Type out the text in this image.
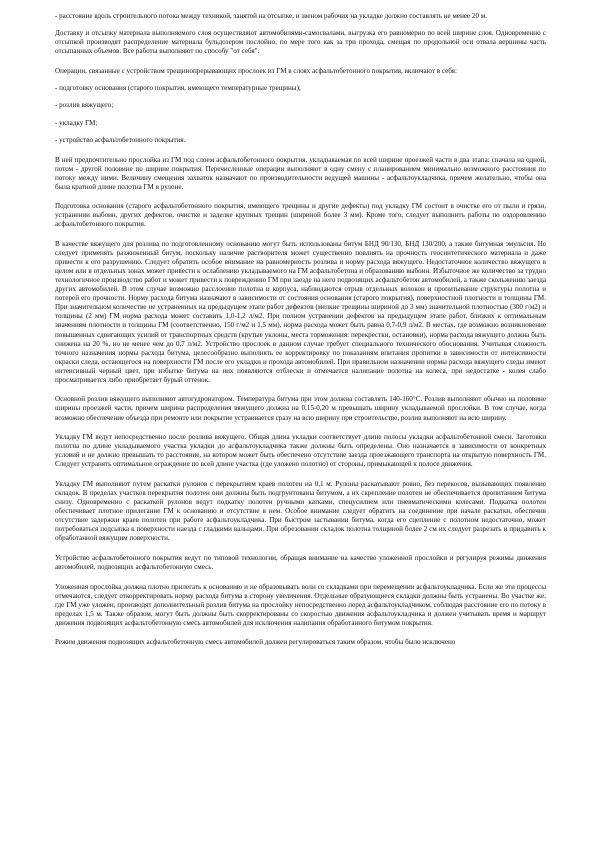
- расстояние вдоль строительного потока между техникой, занятой на отсыпке, и звеном рабочих на укладке должно составлять не менее 20 м.

Доставку и отсыпку материала выполняемого слоя осуществляют автомобилями-самосвалами, выгрузка его равномерно по всей ширине слоя. Одновременно с отсыпкой производят распределение материала бульдозером послойно, по мере того как за три прохода, смещая по продольной оси отвала вершины часть отсыпанных объемов. Все работы выполняют по способу "от себя".

Операции, связанные с устройством трещинопрерывающих прослоек из ГМ в слоях асфальтобетонного покрытия, включают в себя:

- подготовку основания (старого покрытия, имеющего температурные трещины);

- розлив вяжущего;

- укладку ГМ;

- устройство асфальтобетонного покрытия.

В ней предпочтительно прослойка из ГМ под слоем асфальтобетонного покрытия, укладываемая по всей ширине проезжей части в два этапа: сначала на одной, потом - другой половине по ширине покрытия. Перечисленные операции выполняют в одну смену с планированием минимально возможного расстояния по потоку между ними. Величину смещения захваток назначают по производительности ведущей машины - асфальтоукладчика, причем желательно, чтобы она была кратной длине полотна ГМ в рулоне.

Подготовка основания (старого асфальтобетонного покрытия, имеющего трещины и другие дефекты) под укладку ГМ состоит в очистке его от пыли и грязи, устранении выбоин, других дефектов, очистке и заделке крупных трещин (шириной более 3 мм). Кроме того, следует выполнить работы по оздоровлению асфальтобетонного покрытия.

В качестве вяжущего для розлива по подготовленному основанию могут быть использованы битум БНД 90/130, БНД 130/200, а также битумная эмульсия. Не следует применять разжиженный битум, поскольку наличие растворителя может существенно повлиять на прочность геосинтетического материала и даже привести к его разрушению. Следует обратить особое внимание на равномерность розлива и норму расхода вяжущего. Недостаточное количество вяжущего в целом или в отдельных зонах может привести к ослаблению укладываемого на ГМ асфальтобетона и образованию выбоин. Избыточное же количество за трудно технологичное производство работ и может привести к повреждению ГМ при заезде на него подвозящих асфальтобетон автомобилей, а также скольжению заезда других автомобилей. В этом случае возможно расслоение полотна и корпуса, наблюдаются отрыв отдельных волокон и пропитывание структуры полотна и потерей его прочности. Норму расхода битума назначают в зависимости от состояния основания (старого покрытия), поверхностной плотности и толщины ГМ. При значительном количестве не устраненных на предыдущем этапе работ дефектов (мелкие трещины шириной до 3 мм) значительной плотностью (300 г/м2) и толщины (2 мм) ГМ норма расхода может составить 1,0-1,2 л/м2. При полном устранении дефектов на предыдущем этапе работ, близких к оптимальным значениям плотности и толщины ГМ (соответственно, 150 г/м2 и 1,5 мм), норма расхода может быть равна 0,7-0,9 л/м2. В местах, где возможно возникновение повышенных сдвигающих усилий от транспортных средств (крутые уклоны, места торможения: перекрестки, остановки), норма расхода вяжущего должна быть снижена на 20 %, но не менее чем до 0,7 л/м2. Устройство прослоек в данном случае требует специального технического обоснования. Учитывая сложность точного назначения нормы расхода битума, целесообразно выполнять ее корректировку по показаниям впитания пропитки в зависимости от интенсивности окраски следа, остающегося на поверхности ГМ после его укладки и прохода автомобилей. При правильном назначении нормы расхода вяжущего следы имеют интенсивный черный цвет, при избытке битума на них появляются отблески и отмечается налипание полотна на колеса, при недостатке - колея слабо просматривается либо приобретает бурый оттенок.

Основной розлив вяжущего выполняют автогудронатором. Температура битума при этом должна составлять 140-160°С. Розлив выполняют обычно на половине ширины проезжей части, причем ширина распределения вяжущего должна на 0,15-0,20 м превышать ширину укладываемой прослойки. В том случае, когда возможно обеспечение объезда при ремонте или покрытие устраивается сразу на всю ширину при строительстве, розлив выполняют на всю ширину.

Укладку ГМ ведут непосредственно после розлива вяжущего. Общая длина укладки соответствует длине полосы укладки асфальтобетонной смеси. Заготовки полотна по длине укладываемого участка укладки до асфальтоукладчика также должны быть определены. Оно назначается в зависимости от конкретных условий и не должно превышать то расстояние, на котором может быть обеспечено отсутствие заезда проезжающего транспорта на открытую поверхность ГМ. Следует устранять оптимальное ограждение по всей длине участка (где уложено полотно) от стороны, примыкающей к полосе движения.

Укладку ГМ выполняют путем раскатки рулонов с перекрытием краев полотен на 0,1 м. Рулоны раскатывают ровно, без перекосов, вызывающих появление складок. В пределах участков перекрытия полотен они должны быть подгрунтованы битумом, а их скрепление полотен не обеспечивается пропитанием битума снизу. Одновременно с раскаткой рулонов ведут подкатку полотен ручными катками, спецусилием или пневматическими колесами. Подкатка полотен обеспечивает плотное прилегание ГМ к основанию и отсутствие в нем. Особое внимание следует обратить на соединение при начале раскатки, обеспечив отсутствие задержки краев полотен при работе асфальтоукладчика. При быстром застывании битума, когда его сцепление с полотном недостаточно, может потребоваться подсыпка к поверхности наезда с гладкими вальцами. При обрезовании складок полотна толщиной более 2 см их следует разрезать и придавить к обработанной вяжущим поверхности.

Устройство асфальтобетонного покрытия ведут по типовой технологии, обращая внимание на качество уложенной прослойки и регулируя режимы движения автомобилей, подвозящих асфальтобетонную смесь.

Уложенная прослойка должна плотно прилегать к основанию и не образовывать волн со складками при перемещении асфальтоукладчика. Если же эти процессы отмечаются, следует откорректировать норму расхода битума в сторону увеличения. Отдельные образующиеся складки должны быть устранены. Во участке же, где ГМ уже уложен, производят дополнительный розлив битума на прослойку непосредственно перед асфальтоукладчиком, соблюдая расстояние его по потоку в пределах 1,5 м. Также образом, могут быть должны быть скорректированы со скоростью движения асфальтоукладчика и должен учитывать время и маршрут движения подвозящих асфальтобетонную смесь автомобилей для исключения налипания обработанного битумом покрытия.

Режим движения подвозящих асфальтобетонную смесь автомобилей должен регулироваться таким образом, чтобы было исключено
